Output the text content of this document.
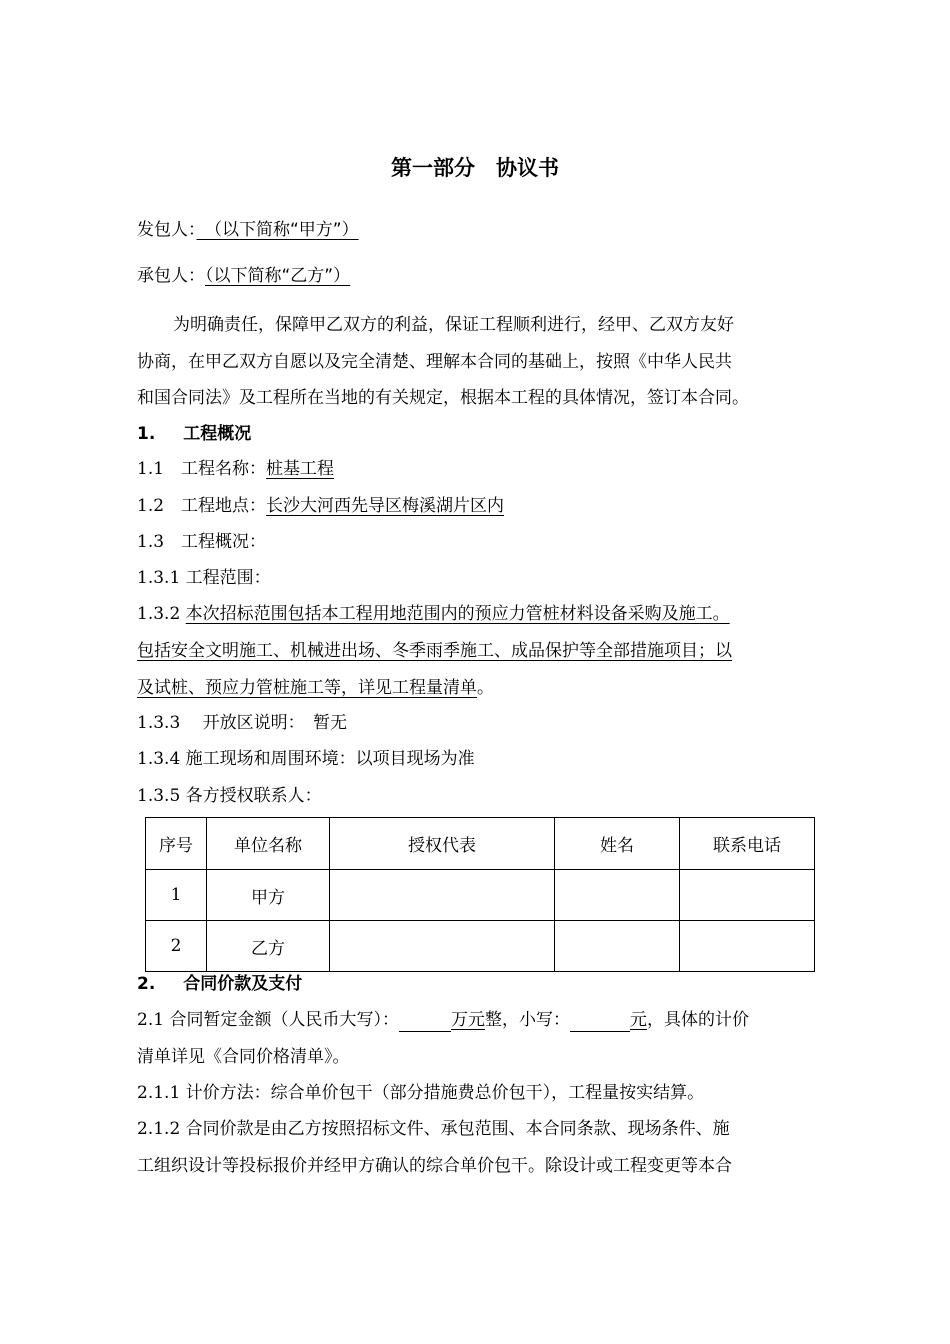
第一部分　协议书
发包人：　（以下简称“甲方”）
承包人：（以下简称“乙方”）
为明确责任，保障甲乙双方的利益，保证工程顺利进行，经甲、乙双方友好
协商，在甲乙双方自愿以及完全清楚、理解本合同的基础上，按照《中华人民共
和国合同法》及工程所在当地的有关规定，根据本工程的具体情况，签订本合同。
1. 工程概况
1.1　工程名称：桩基工程
1.2　工程地点：长沙大河西先导区梅溪湖片区内
1.3　工程概况：
1.3.1 工程范围：
1.3.2 本次招标范围包括本工程用地范围内的预应力管桩材料设备采购及施工。
包括安全文明施工、机械进出场、冬季雨季施工、成品保护等全部措施项目；以
及试桩、预应力管桩施工等，详见工程量清单。
1.3.3　 开放区说明：　暂无
1.3.4 施工现场和周围环境：以项目现场为准
1.3.5 各方授权联系人：
序号	单位名称	授权代表	姓名	联系电话
1	甲方			
2	乙方			
2. 合同价款及支付
2.1 合同暂定金额（人民币大写）：	万元整，小写：	元，具体的计价
清单详见《合同价格清单》。
2.1.1 计价方法：综合单价包干（部分措施费总价包干），工程量按实结算。
2.1.2 合同价款是由乙方按照招标文件、承包范围、本合同条款、现场条件、施
工组织设计等投标报价并经甲方确认的综合单价包干。除设计或工程变更等本合
